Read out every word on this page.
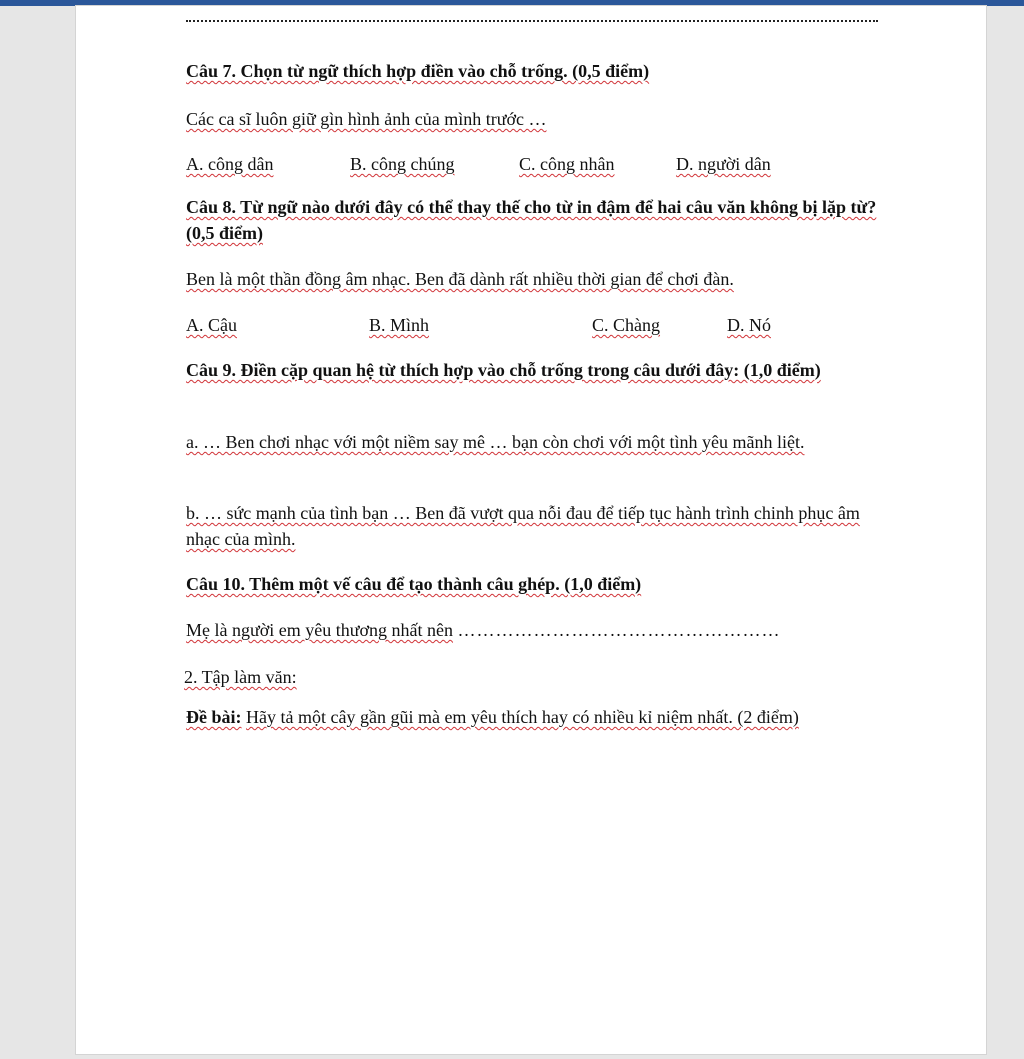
Câu 7. Chọn từ ngữ thích hợp điền vào chỗ trống. (0,5 điểm)

Các ca sĩ luôn giữ gìn hình ảnh của mình trước …

A. công dân	B. công chúng	C. công nhân	D. người dân

Câu 8. Từ ngữ nào dưới đây có thể thay thế cho từ in đậm để hai câu văn không bị lặp từ? (0,5 điểm)

Ben là một thần đồng âm nhạc. Ben đã dành rất nhiều thời gian để chơi đàn.

A. Cậu	B. Mình	C. Chàng	D. Nó

Câu 9. Điền cặp quan hệ từ thích hợp vào chỗ trống trong câu dưới đây: (1,0 điểm)

a. … Ben chơi nhạc với một niềm say mê … bạn còn chơi với một tình yêu mãnh liệt.

b. … sức mạnh của tình bạn … Ben đã vượt qua nỗi đau để tiếp tục hành trình chinh phục âm nhạc của mình.

Câu 10. Thêm một vế câu để tạo thành câu ghép. (1,0 điểm)

Mẹ là người em yêu thương nhất nên ……………………………………………

2. Tập làm văn:

Đề bài: Hãy tả một cây gần gũi mà em yêu thích hay có nhiều kỉ niệm nhất. (2 điểm)
